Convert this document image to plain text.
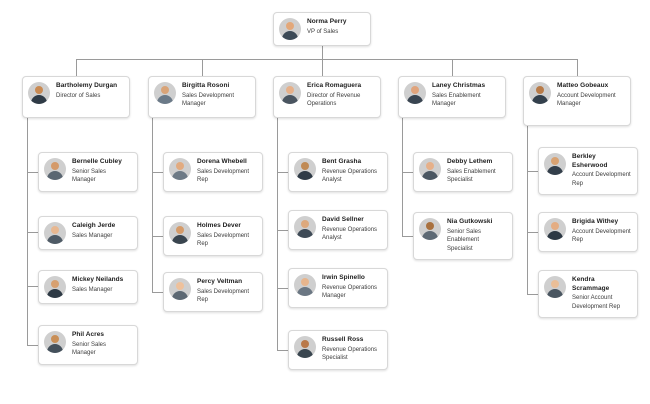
Norma Perry
VP of Sales
Bartholemy Durgan
Director of Sales
Birgitta Rosoni
Sales Development Manager
Erica Romaguera
Director of Revenue Operations
Laney Christmas
Sales Enablement Manager
Matteo Gobeaux
Account Development Manager
Bernelle Cubley
Senior Sales Manager
Caleigh Jerde
Sales Manager
Mickey Neilands
Sales Manager
Phil Acres
Senior Sales Manager
Dorena Whebell
Sales Development Rep
Holmes Dever
Sales Development Rep
Percy Veltman
Sales Development Rep
Bent Grasha
Revenue Operations Analyst
David Sellner
Revenue Operations Analyst
Irwin Spinello
Revenue Operations Manager
Russell Ross
Revenue Operations Specialist
Debby Lethem
Sales Enablement Specialist
Nia Gutkowski
Senior Sales Enablement Specialist
Berkley Esherwood
Account Development Rep
Brigida Withey
Account Development Rep
Kendra Scrammage
Senior Account Development Rep
